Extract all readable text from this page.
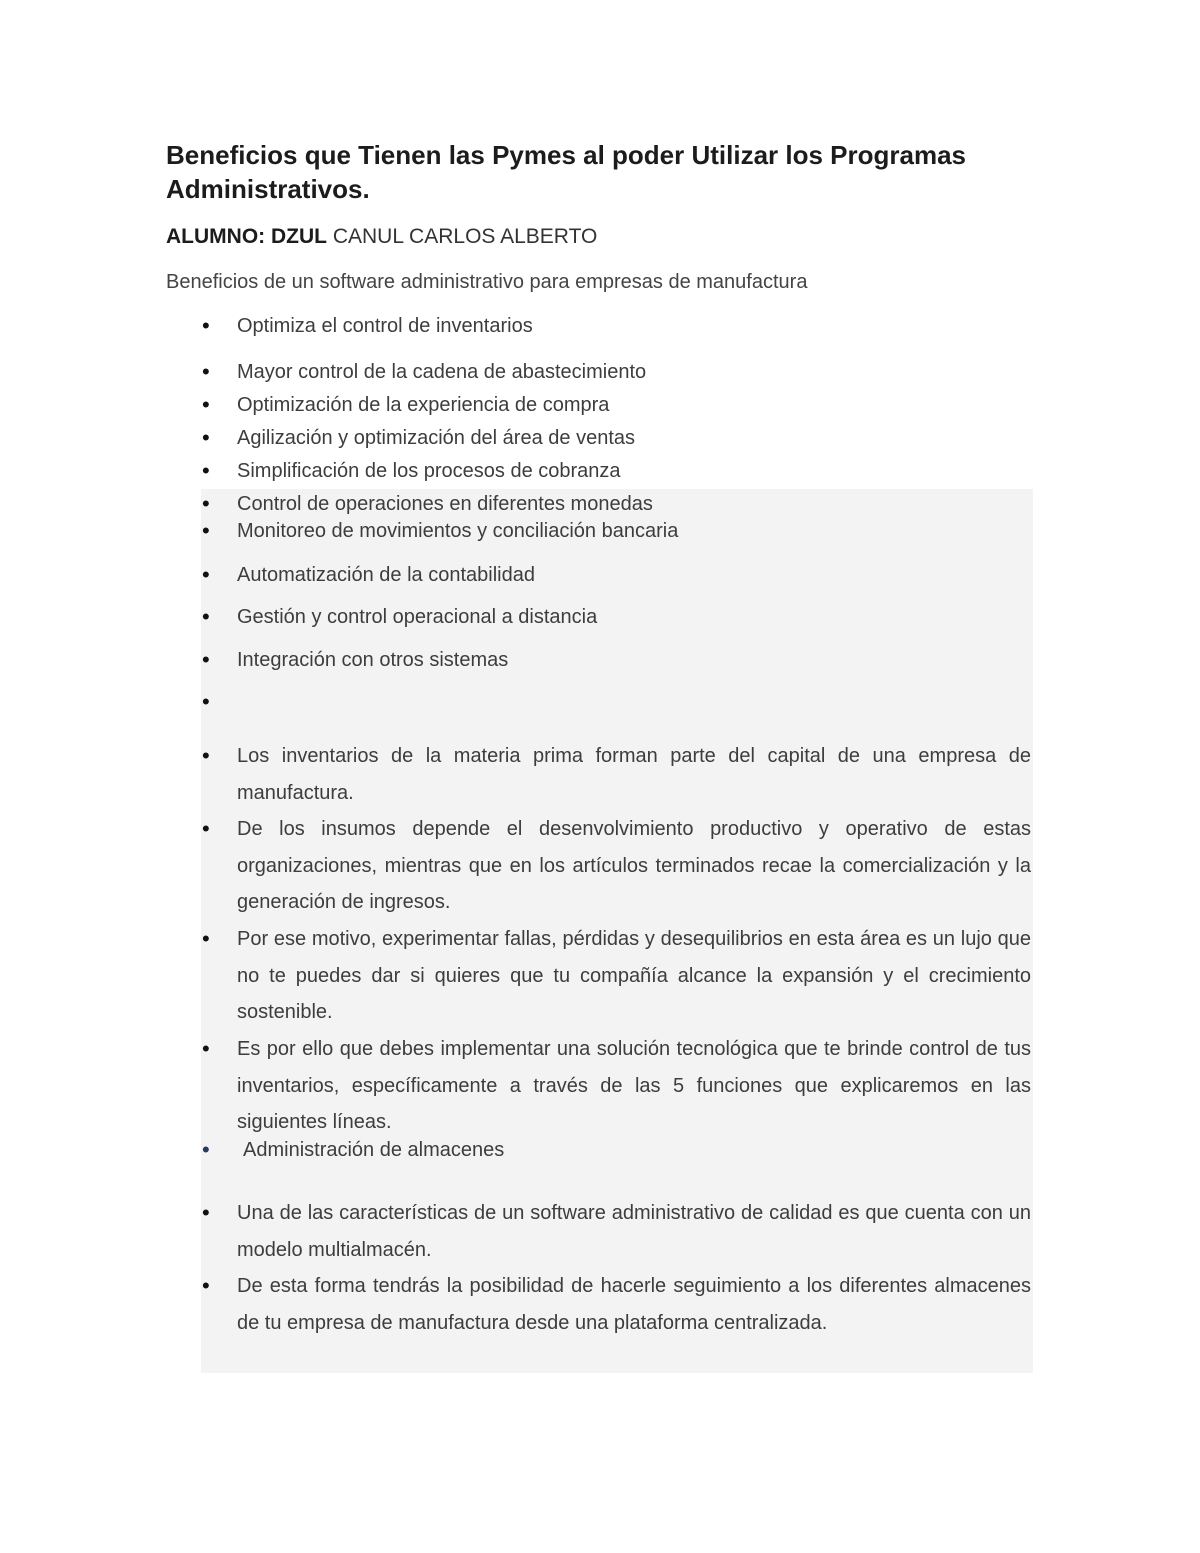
Beneficios que Tienen las Pymes al poder Utilizar los Programas Administrativos.

ALUMNO: DZUL CANUL CARLOS ALBERTO

Beneficios de un software administrativo para empresas de manufactura

•	Optimiza el control de inventarios
•	Mayor control de la cadena de abastecimiento
•	Optimización de la experiencia de compra
•	Agilización y optimización del área de ventas
•	Simplificación de los procesos de cobranza
•	Control de operaciones en diferentes monedas
•	Monitoreo de movimientos y conciliación bancaria
•	Automatización de la contabilidad
•	Gestión y control operacional a distancia
•	Integración con otros sistemas
•
•	Los inventarios de la materia prima forman parte del capital de una empresa de manufactura.
•	De los insumos depende el desenvolvimiento productivo y operativo de estas organizaciones, mientras que en los artículos terminados recae la comercialización y la generación de ingresos.
•	Por ese motivo, experimentar fallas, pérdidas y desequilibrios en esta área es un lujo que no te puedes dar si quieres que tu compañía alcance la expansión y el crecimiento sostenible.
•	Es por ello que debes implementar una solución tecnológica que te brinde control de tus inventarios, específicamente a través de las 5 funciones que explicaremos en las siguientes líneas.
•	Administración de almacenes
•	Una de las características de un software administrativo de calidad es que cuenta con un modelo multialmacén.
•	De esta forma tendrás la posibilidad de hacerle seguimiento a los diferentes almacenes de tu empresa de manufactura desde una plataforma centralizada.
